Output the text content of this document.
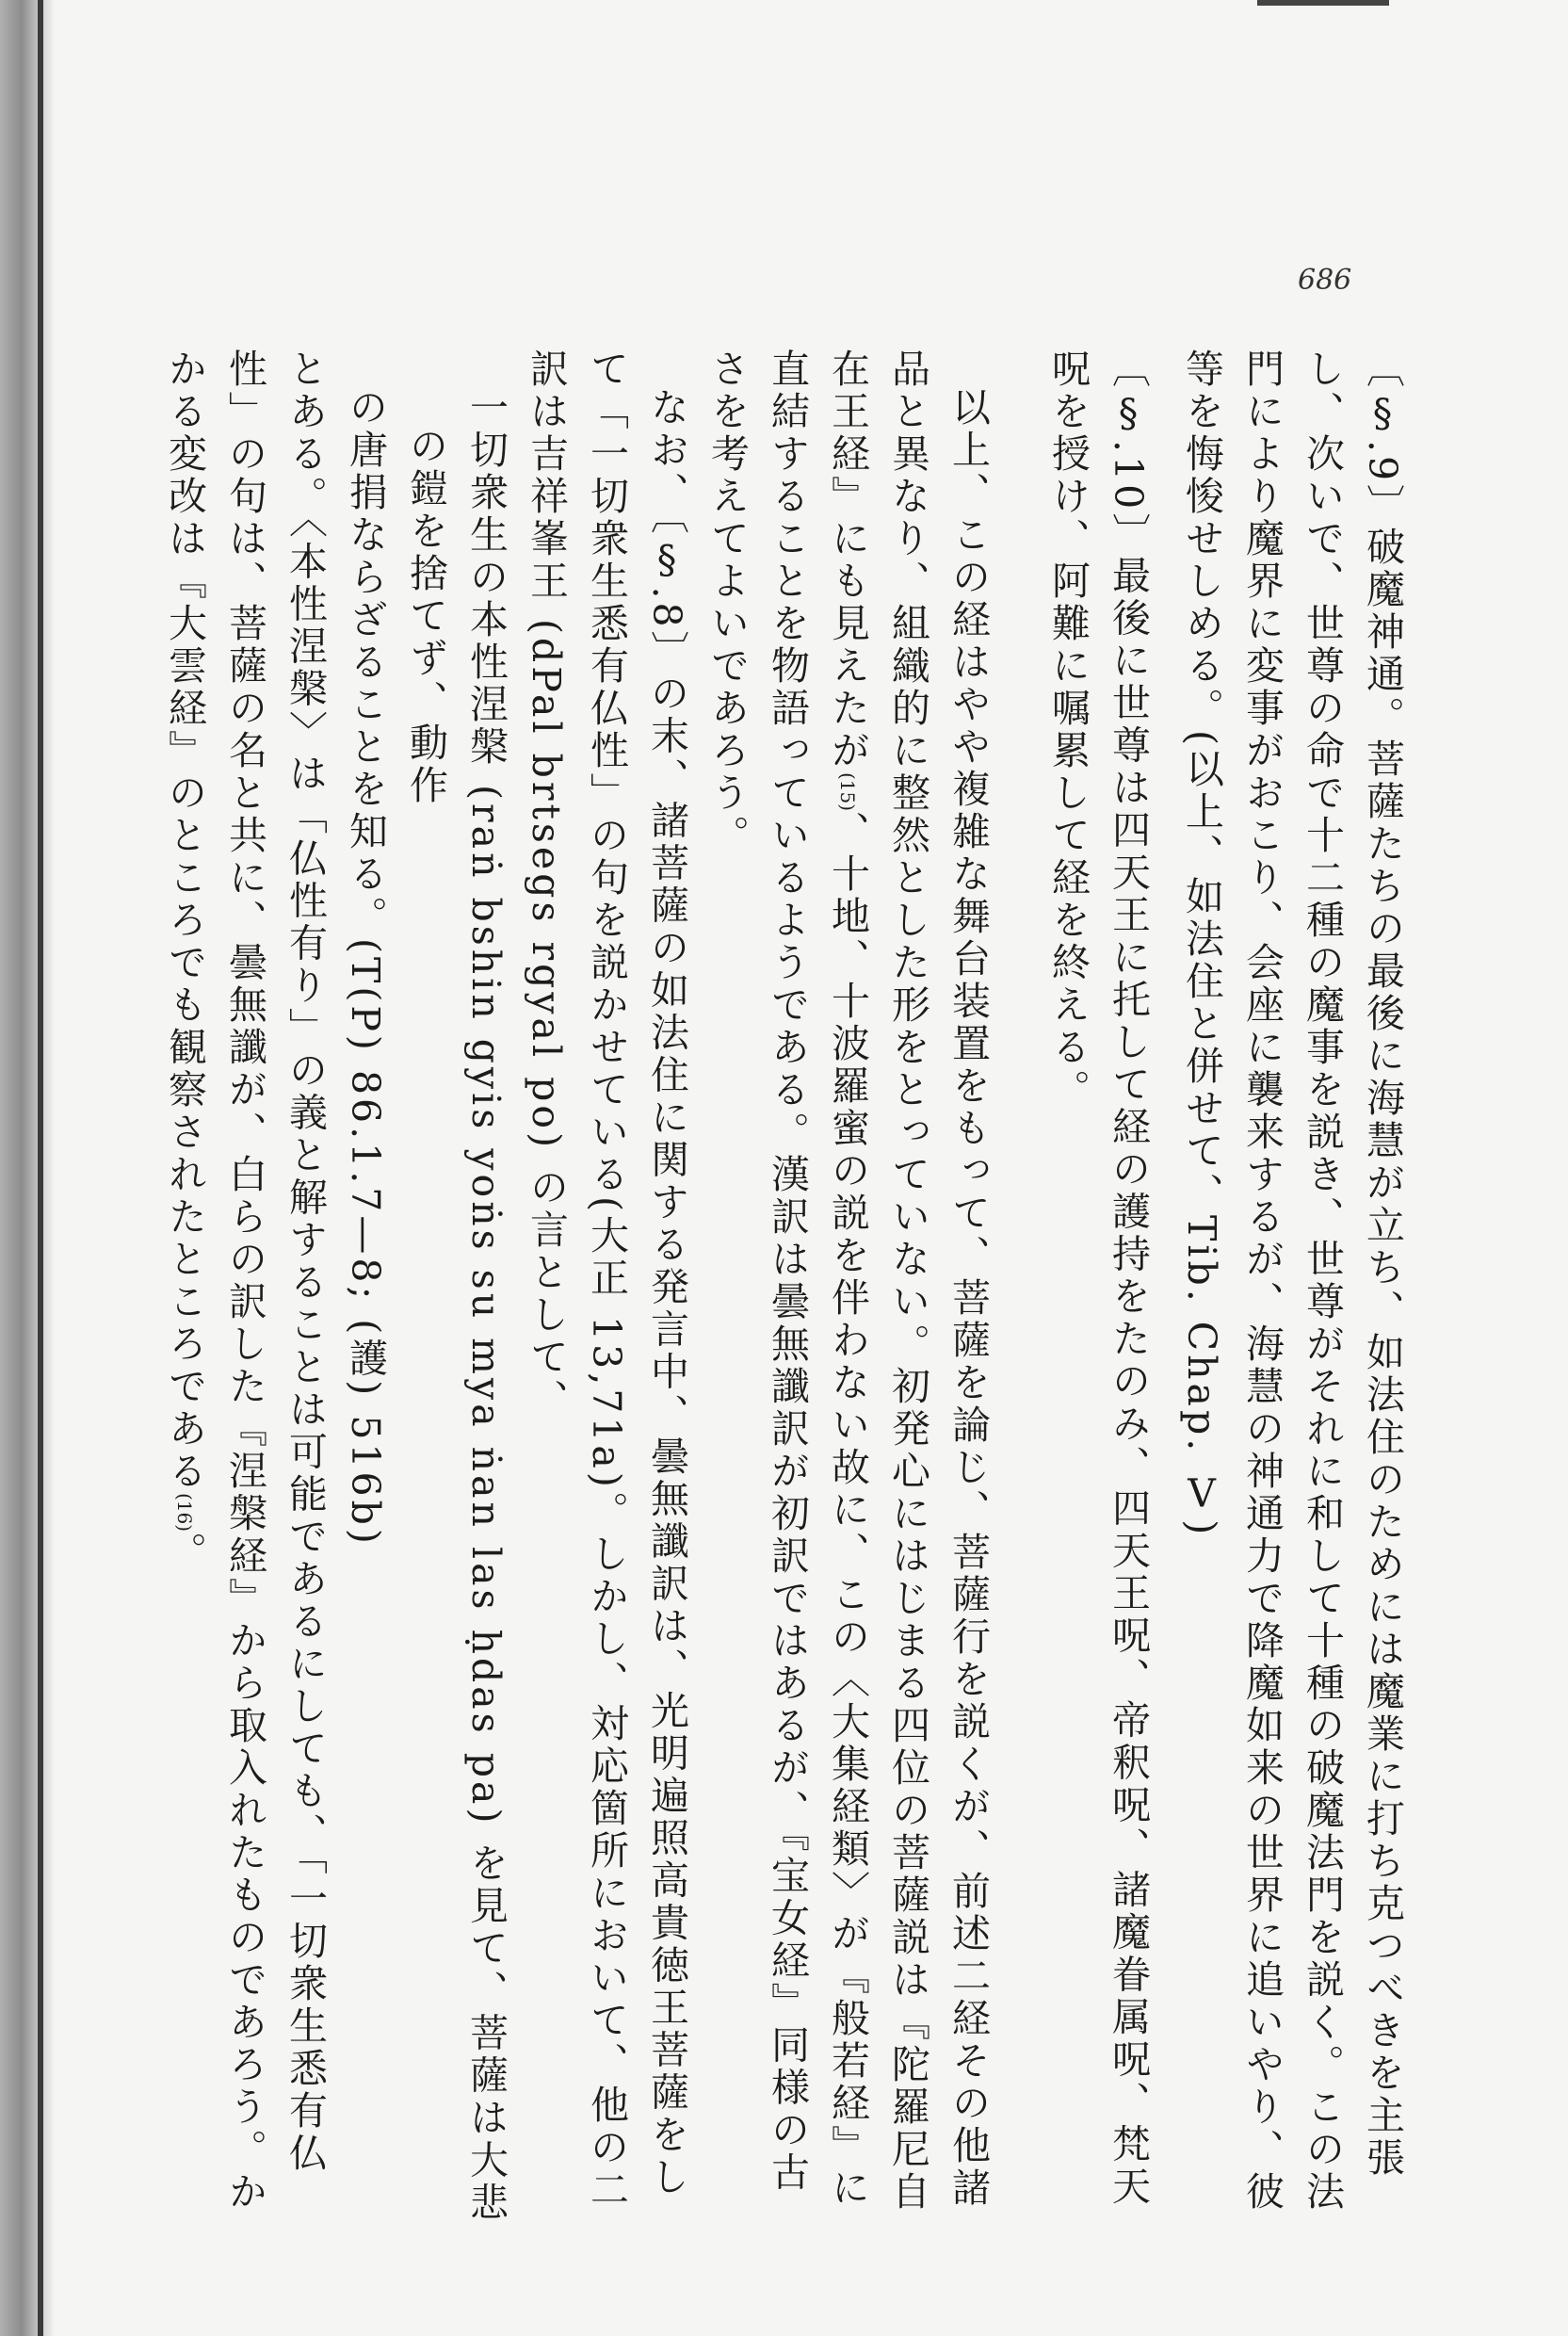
686

〔§.9〕破魔神通。菩薩たちの最後に海慧が立ち、如法住のためには魔業に打ち克つべきを主張し、次いで、世尊の命で十二種の魔事を説き、世尊がそれに和して十種の破魔法門を説く。この法門により魔界に変事がおこり、会座に襲来するが、海慧の神通力で降魔如来の世界に追いやり、彼等を悔悛せしめる。(以上、如法住と併せて、Tib. Chap. Ⅴ)

〔§.10〕最後に世尊は四天王に托して経の護持をたのみ、四天王呪、帝釈呪、諸魔眷属呪、梵天呪を授け、阿難に嘱累して経を終える。

以上、この経はやや複雑な舞台装置をもって、菩薩を論じ、菩薩行を説くが、前述二経その他諸品と異なり、組織的に整然とした形をとっていない。初発心にはじまる四位の菩薩説は『陀羅尼自在王経』にも見えたが(15)、十地、十波羅蜜の説を伴わない故に、この〈大集経類〉が『般若経』に直結することを物語っているようである。漢訳は曇無讖訳が初訳ではあるが、『宝女経』同様の古さを考えてよいであろう。

なお、〔§.8〕の末、諸菩薩の如法住に関する発言中、曇無讖訳は、光明遍照高貴徳王菩薩をして「一切衆生悉有仏性」の句を説かせている(大正 13,71a)。しかし、対応箇所において、他の二訳は吉祥峯王 (dPal brtsegs rgyal po) の言として、

一切衆生の本性涅槃 (raṅ bshin gyis yoṅs su mya ṅan las ḥdas pa) を見て、菩薩は大悲の鎧を捨てず、動作
の唐捐ならざることを知る。(T(P) 86.1.7—8; (護) 516b)

とある。〈本性涅槃〉は「仏性有り」の義と解することは可能であるにしても、「一切衆生悉有仏性」の句は、菩薩の名と共に、曇無讖が、白らの訳した『涅槃経』から取入れたものであろう。かかる変改は『大雲経』のところでも観察されたところである(16)。
